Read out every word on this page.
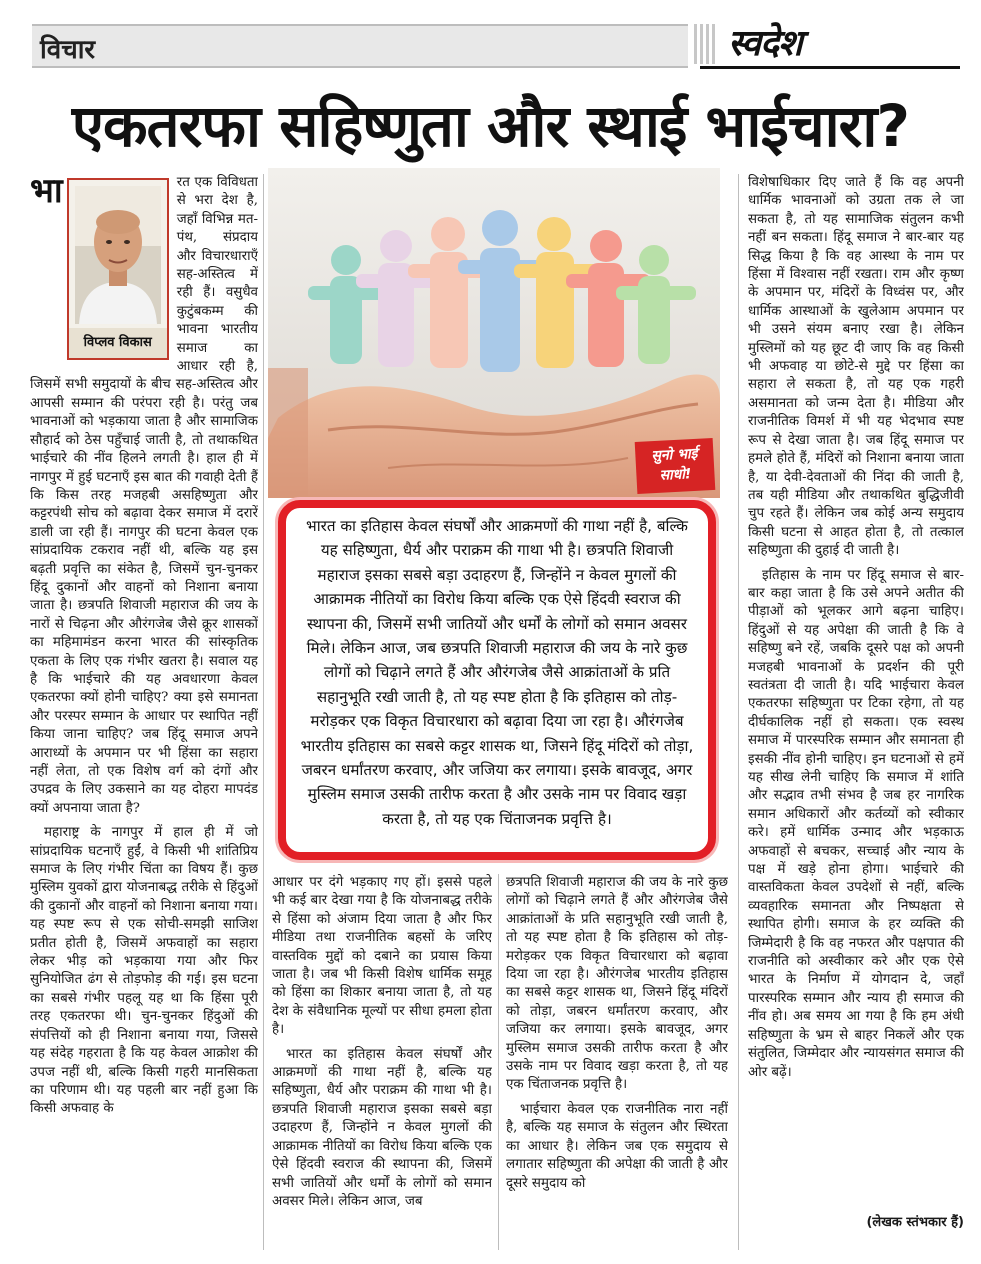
विचार	स्वदेश
एकतरफा सहिष्णुता और स्थाई भाईचारा?

भा
विप्लव विकास
रत एक विविधता से भरा देश है, जहाँ विभिन्न मत-पंथ, संप्रदाय और विचारधाराएँ सह-अस्तित्व में रही हैं। वसुधैव कुटुंबकम्म की भावना भारतीय समाज का आधार रही है, जिसमें सभी समुदायों के बीच सह-अस्तित्व और आपसी सम्मान की परंपरा रही है। परंतु जब भावनाओं को भड़काया जाता है और सामाजिक सौहार्द को ठेस पहुँचाई जाती है, तो तथाकथित भाईचारे की नींव हिलने लगती है। हाल ही में नागपुर में हुई घटनाएँ इस बात की गवाही देती हैं कि किस तरह मजहबी असहिष्णुता और कट्टरपंथी सोच को बढ़ावा देकर समाज में दरारें डाली जा रही हैं। नागपुर की घटना केवल एक सांप्रदायिक टकराव नहीं थी, बल्कि यह इस बढ़ती प्रवृत्ति का संकेत है, जिसमें चुन-चुनकर हिंदू दुकानों और वाहनों को निशाना बनाया जाता है। छत्रपति शिवाजी महाराज की जय के नारों से चिढ़ना और औरंगजेब जैसे क्रूर शासकों का महिमामंडन करना भारत की सांस्कृतिक एकता के लिए एक गंभीर खतरा है। सवाल यह है कि भाईचारे की यह अवधारणा केवल एकतरफा क्यों होनी चाहिए? क्या इसे समानता और परस्पर सम्मान के आधार पर स्थापित नहीं किया जाना चाहिए? जब हिंदू समाज अपने आराध्यों के अपमान पर भी हिंसा का सहारा नहीं लेता, तो एक विशेष वर्ग को दंगों और उपद्रव के लिए उकसाने का यह दोहरा मापदंड क्यों अपनाया जाता है?

महाराष्ट्र के नागपुर में हाल ही में जो सांप्रदायिक घटनाएँ हुईं, वे किसी भी शांतिप्रिय समाज के लिए गंभीर चिंता का विषय हैं। कुछ मुस्लिम युवकों द्वारा योजनाबद्ध तरीके से हिंदुओं की दुकानों और वाहनों को निशाना बनाया गया। यह स्पष्ट रूप से एक सोची-समझी साजिश प्रतीत होती है, जिसमें अफवाहों का सहारा लेकर भीड़ को भड़काया गया और फिर सुनियोजित ढंग से तोड़फोड़ की गई। इस घटना का सबसे गंभीर पहलू यह था कि हिंसा पूरी तरह एकतरफा थी। चुन-चुनकर हिंदुओं की संपत्तियों को ही निशाना बनाया गया, जिससे यह संदेह गहराता है कि यह केवल आक्रोश की उपज नहीं थी, बल्कि किसी गहरी मानसिकता का परिणाम थी। यह पहली बार नहीं हुआ कि किसी अफवाह के

सुनो भाई
साधो!

भारत का इतिहास केवल संघर्षों और आक्रमणों की गाथा नहीं है, बल्कि यह सहिष्णुता, धैर्य और पराक्रम की गाथा भी है। छत्रपति शिवाजी महाराज इसका सबसे बड़ा उदाहरण हैं, जिन्होंने न केवल मुगलों की आक्रामक नीतियों का विरोध किया बल्कि एक ऐसे हिंदवी स्वराज की स्थापना की, जिसमें सभी जातियों और धर्मों के लोगों को समान अवसर मिले। लेकिन आज, जब छत्रपति शिवाजी महाराज की जय के नारे कुछ लोगों को चिढ़ाने लगते हैं और औरंगजेब जैसे आक्रांताओं के प्रति सहानुभूति रखी जाती है, तो यह स्पष्ट होता है कि इतिहास को तोड़-मरोड़कर एक विकृत विचारधारा को बढ़ावा दिया जा रहा है। औरंगजेब भारतीय इतिहास का सबसे कट्टर शासक था, जिसने हिंदू मंदिरों को तोड़ा, जबरन धर्मांतरण करवाए, और जजिया कर लगाया। इसके बावजूद, अगर मुस्लिम समाज उसकी तारीफ करता है और उसके नाम पर विवाद खड़ा करता है, तो यह एक चिंताजनक प्रवृत्ति है।

आधार पर दंगे भड़काए गए हों। इससे पहले भी कई बार देखा गया है कि योजनाबद्ध तरीके से हिंसा को अंजाम दिया जाता है और फिर मीडिया तथा राजनीतिक बहसों के जरिए वास्तविक मुद्दों को दबाने का प्रयास किया जाता है। जब भी किसी विशेष धार्मिक समूह को हिंसा का शिकार बनाया जाता है, तो यह देश के संवैधानिक मूल्यों पर सीधा हमला होता है।

भारत का इतिहास केवल संघर्षों और आक्रमणों की गाथा नहीं है, बल्कि यह सहिष्णुता, धैर्य और पराक्रम की गाथा भी है। छत्रपति शिवाजी महाराज इसका सबसे बड़ा उदाहरण हैं, जिन्होंने न केवल मुगलों की आक्रामक नीतियों का विरोध किया बल्कि एक ऐसे हिंदवी स्वराज की स्थापना की, जिसमें सभी जातियों और धर्मों के लोगों को समान अवसर मिले। लेकिन आज, जब

छत्रपति शिवाजी महाराज की जय के नारे कुछ लोगों को चिढ़ाने लगते हैं और औरंगजेब जैसे आक्रांताओं के प्रति सहानुभूति रखी जाती है, तो यह स्पष्ट होता है कि इतिहास को तोड़-मरोड़कर एक विकृत विचारधारा को बढ़ावा दिया जा रहा है। औरंगजेब भारतीय इतिहास का सबसे कट्टर शासक था, जिसने हिंदू मंदिरों को तोड़ा, जबरन धर्मांतरण करवाए, और जजिया कर लगाया। इसके बावजूद, अगर मुस्लिम समाज उसकी तारीफ करता है और उसके नाम पर विवाद खड़ा करता है, तो यह एक चिंताजनक प्रवृत्ति है।

भाईचारा केवल एक राजनीतिक नारा नहीं है, बल्कि यह समाज के संतुलन और स्थिरता का आधार है। लेकिन जब एक समुदाय से लगातार सहिष्णुता की अपेक्षा की जाती है और दूसरे समुदाय को

विशेषाधिकार दिए जाते हैं कि वह अपनी धार्मिक भावनाओं को उग्रता तक ले जा सकता है, तो यह सामाजिक संतुलन कभी नहीं बन सकता। हिंदू समाज ने बार-बार यह सिद्ध किया है कि वह आस्था के नाम पर हिंसा में विश्वास नहीं रखता। राम और कृष्ण के अपमान पर, मंदिरों के विध्वंस पर, और धार्मिक आस्थाओं के खुलेआम अपमान पर भी उसने संयम बनाए रखा है। लेकिन मुस्लिमों को यह छूट दी जाए कि वह किसी भी अफवाह या छोटे-से मुद्दे पर हिंसा का सहारा ले सकता है, तो यह एक गहरी असमानता को जन्म देता है। मीडिया और राजनीतिक विमर्श में भी यह भेदभाव स्पष्ट रूप से देखा जाता है। जब हिंदू समाज पर हमले होते हैं, मंदिरों को निशाना बनाया जाता है, या देवी-देवताओं की निंदा की जाती है, तब यही मीडिया और तथाकथित बुद्धिजीवी चुप रहते हैं। लेकिन जब कोई अन्य समुदाय किसी घटना से आहत होता है, तो तत्काल सहिष्णुता की दुहाई दी जाती है।

इतिहास के नाम पर हिंदू समाज से बार-बार कहा जाता है कि उसे अपने अतीत की पीड़ाओं को भूलकर आगे बढ़ना चाहिए। हिंदुओं से यह अपेक्षा की जाती है कि वे सहिष्णु बने रहें, जबकि दूसरे पक्ष को अपनी मजहबी भावनाओं के प्रदर्शन की पूरी स्वतंत्रता दी जाती है। यदि भाईचारा केवल एकतरफा सहिष्णुता पर टिका रहेगा, तो यह दीर्घकालिक नहीं हो सकता। एक स्वस्थ समाज में पारस्परिक सम्मान और समानता ही इसकी नींव होनी चाहिए। इन घटनाओं से हमें यह सीख लेनी चाहिए कि समाज में शांति और सद्भाव तभी संभव है जब हर नागरिक समान अधिकारों और कर्तव्यों को स्वीकार करे। हमें धार्मिक उन्माद और भड़काऊ अफवाहों से बचकर, सच्चाई और न्याय के पक्ष में खड़े होना होगा। भाईचारे की वास्तविकता केवल उपदेशों से नहीं, बल्कि व्यवहारिक समानता और निष्पक्षता से स्थापित होगी। समाज के हर व्यक्ति की जिम्मेदारी है कि वह नफरत और पक्षपात की राजनीति को अस्वीकार करे और एक ऐसे भारत के निर्माण में योगदान दे, जहाँ पारस्परिक सम्मान और न्याय ही समाज की नींव हो। अब समय आ गया है कि हम अंधी सहिष्णुता के भ्रम से बाहर निकलें और एक संतुलित, जिम्मेदार और न्यायसंगत समाज की ओर बढ़ें।

(लेखक स्तंभकार हैं)
